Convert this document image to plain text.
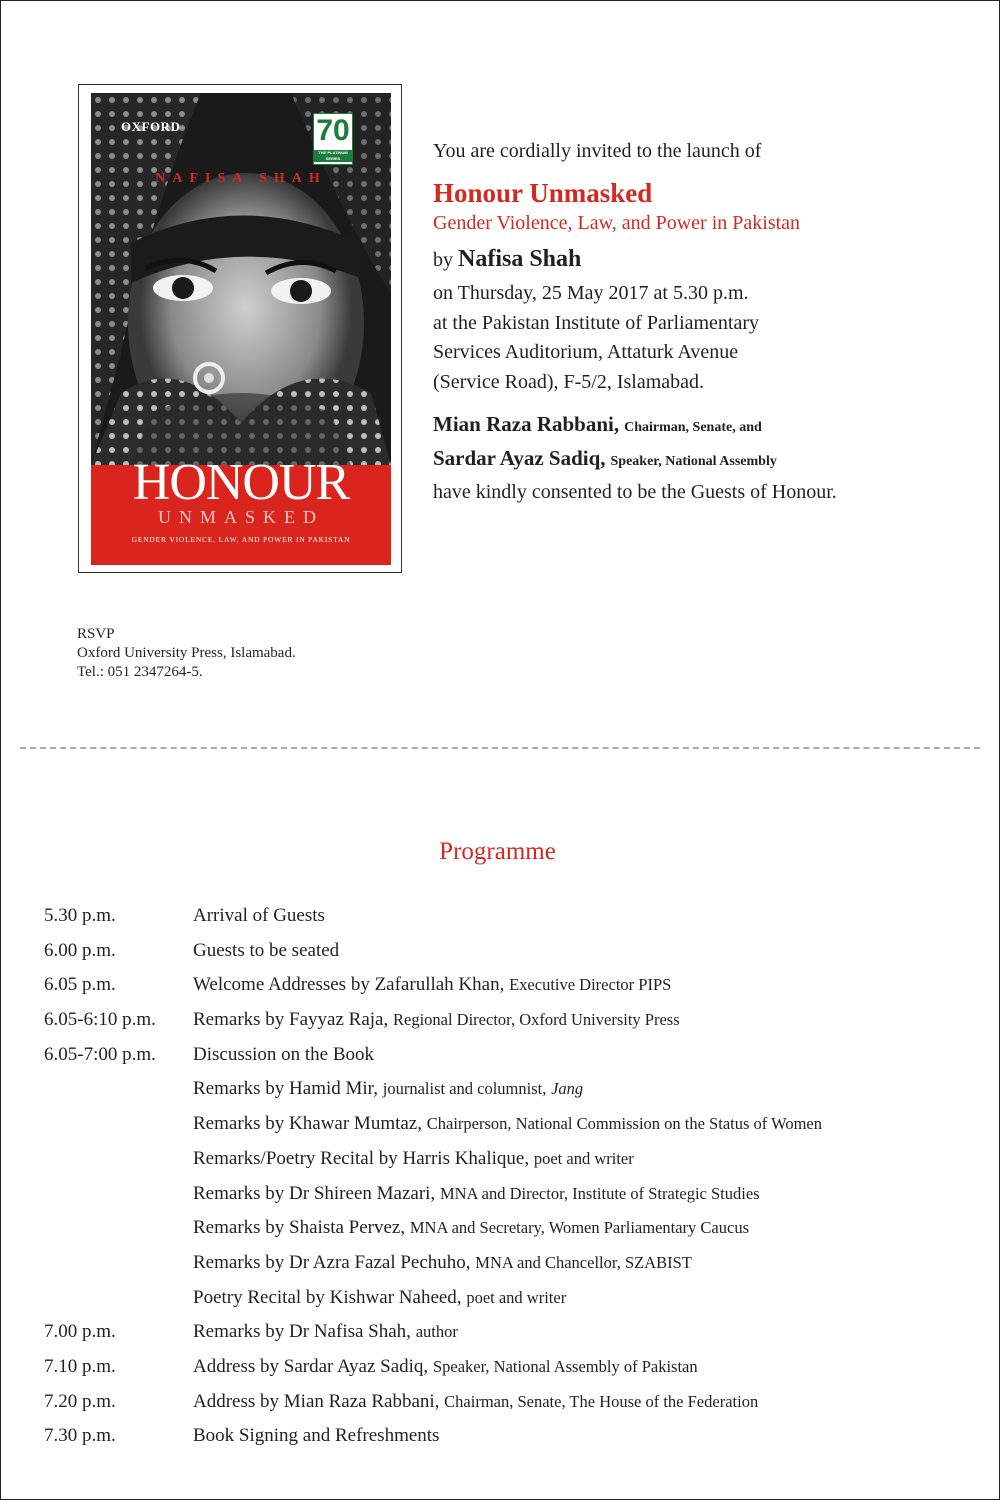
OXFORD	70
THE PLATINUM SERIES
NAFISA SHAH
HONOUR
UNMASKED
GENDER VIOLENCE, LAW, AND POWER IN PAKISTAN

You are cordially invited to the launch of

Honour Unmasked

Gender Violence, Law, and Power in Pakistan

by Nafisa Shah

on Thursday, 25 May 2017 at 5.30 p.m.
at the Pakistan Institute of Parliamentary
Services Auditorium, Attaturk Avenue
(Service Road), F-5/2, Islamabad.

Mian Raza Rabbani, Chairman, Senate, and

Sardar Ayaz Sadiq, Speaker, National Assembly

have kindly consented to be the Guests of Honour.

RSVP
Oxford University Press, Islamabad.
Tel.: 051 2347264-5.
Programme
5.30 p.m.	Arrival of Guests
6.00 p.m.	Guests to be seated
6.05 p.m.	Welcome Addresses by Zafarullah Khan, Executive Director PIPS
6.05-6:10 p.m. Remarks by Fayyaz Raja, Regional Director, Oxford University Press
6.05-7:00 p.m. Discussion on the Book
Remarks by Hamid Mir, journalist and columnist, Jang
Remarks by Khawar Mumtaz, Chairperson, National Commission on the Status of Women
Remarks/Poetry Recital by Harris Khalique, poet and writer
Remarks by Dr Shireen Mazari, MNA and Director, Institute of Strategic Studies
Remarks by Shaista Pervez, MNA and Secretary, Women Parliamentary Caucus
Remarks by Dr Azra Fazal Pechuho, MNA and Chancellor, SZABIST
Poetry Recital by Kishwar Naheed, poet and writer
7.00 p.m.	Remarks by Dr Nafisa Shah, author
7.10 p.m.	Address by Sardar Ayaz Sadiq, Speaker, National Assembly of Pakistan
7.20 p.m.	Address by Mian Raza Rabbani, Chairman, Senate, The House of the Federation
7.30 p.m.	Book Signing and Refreshments
